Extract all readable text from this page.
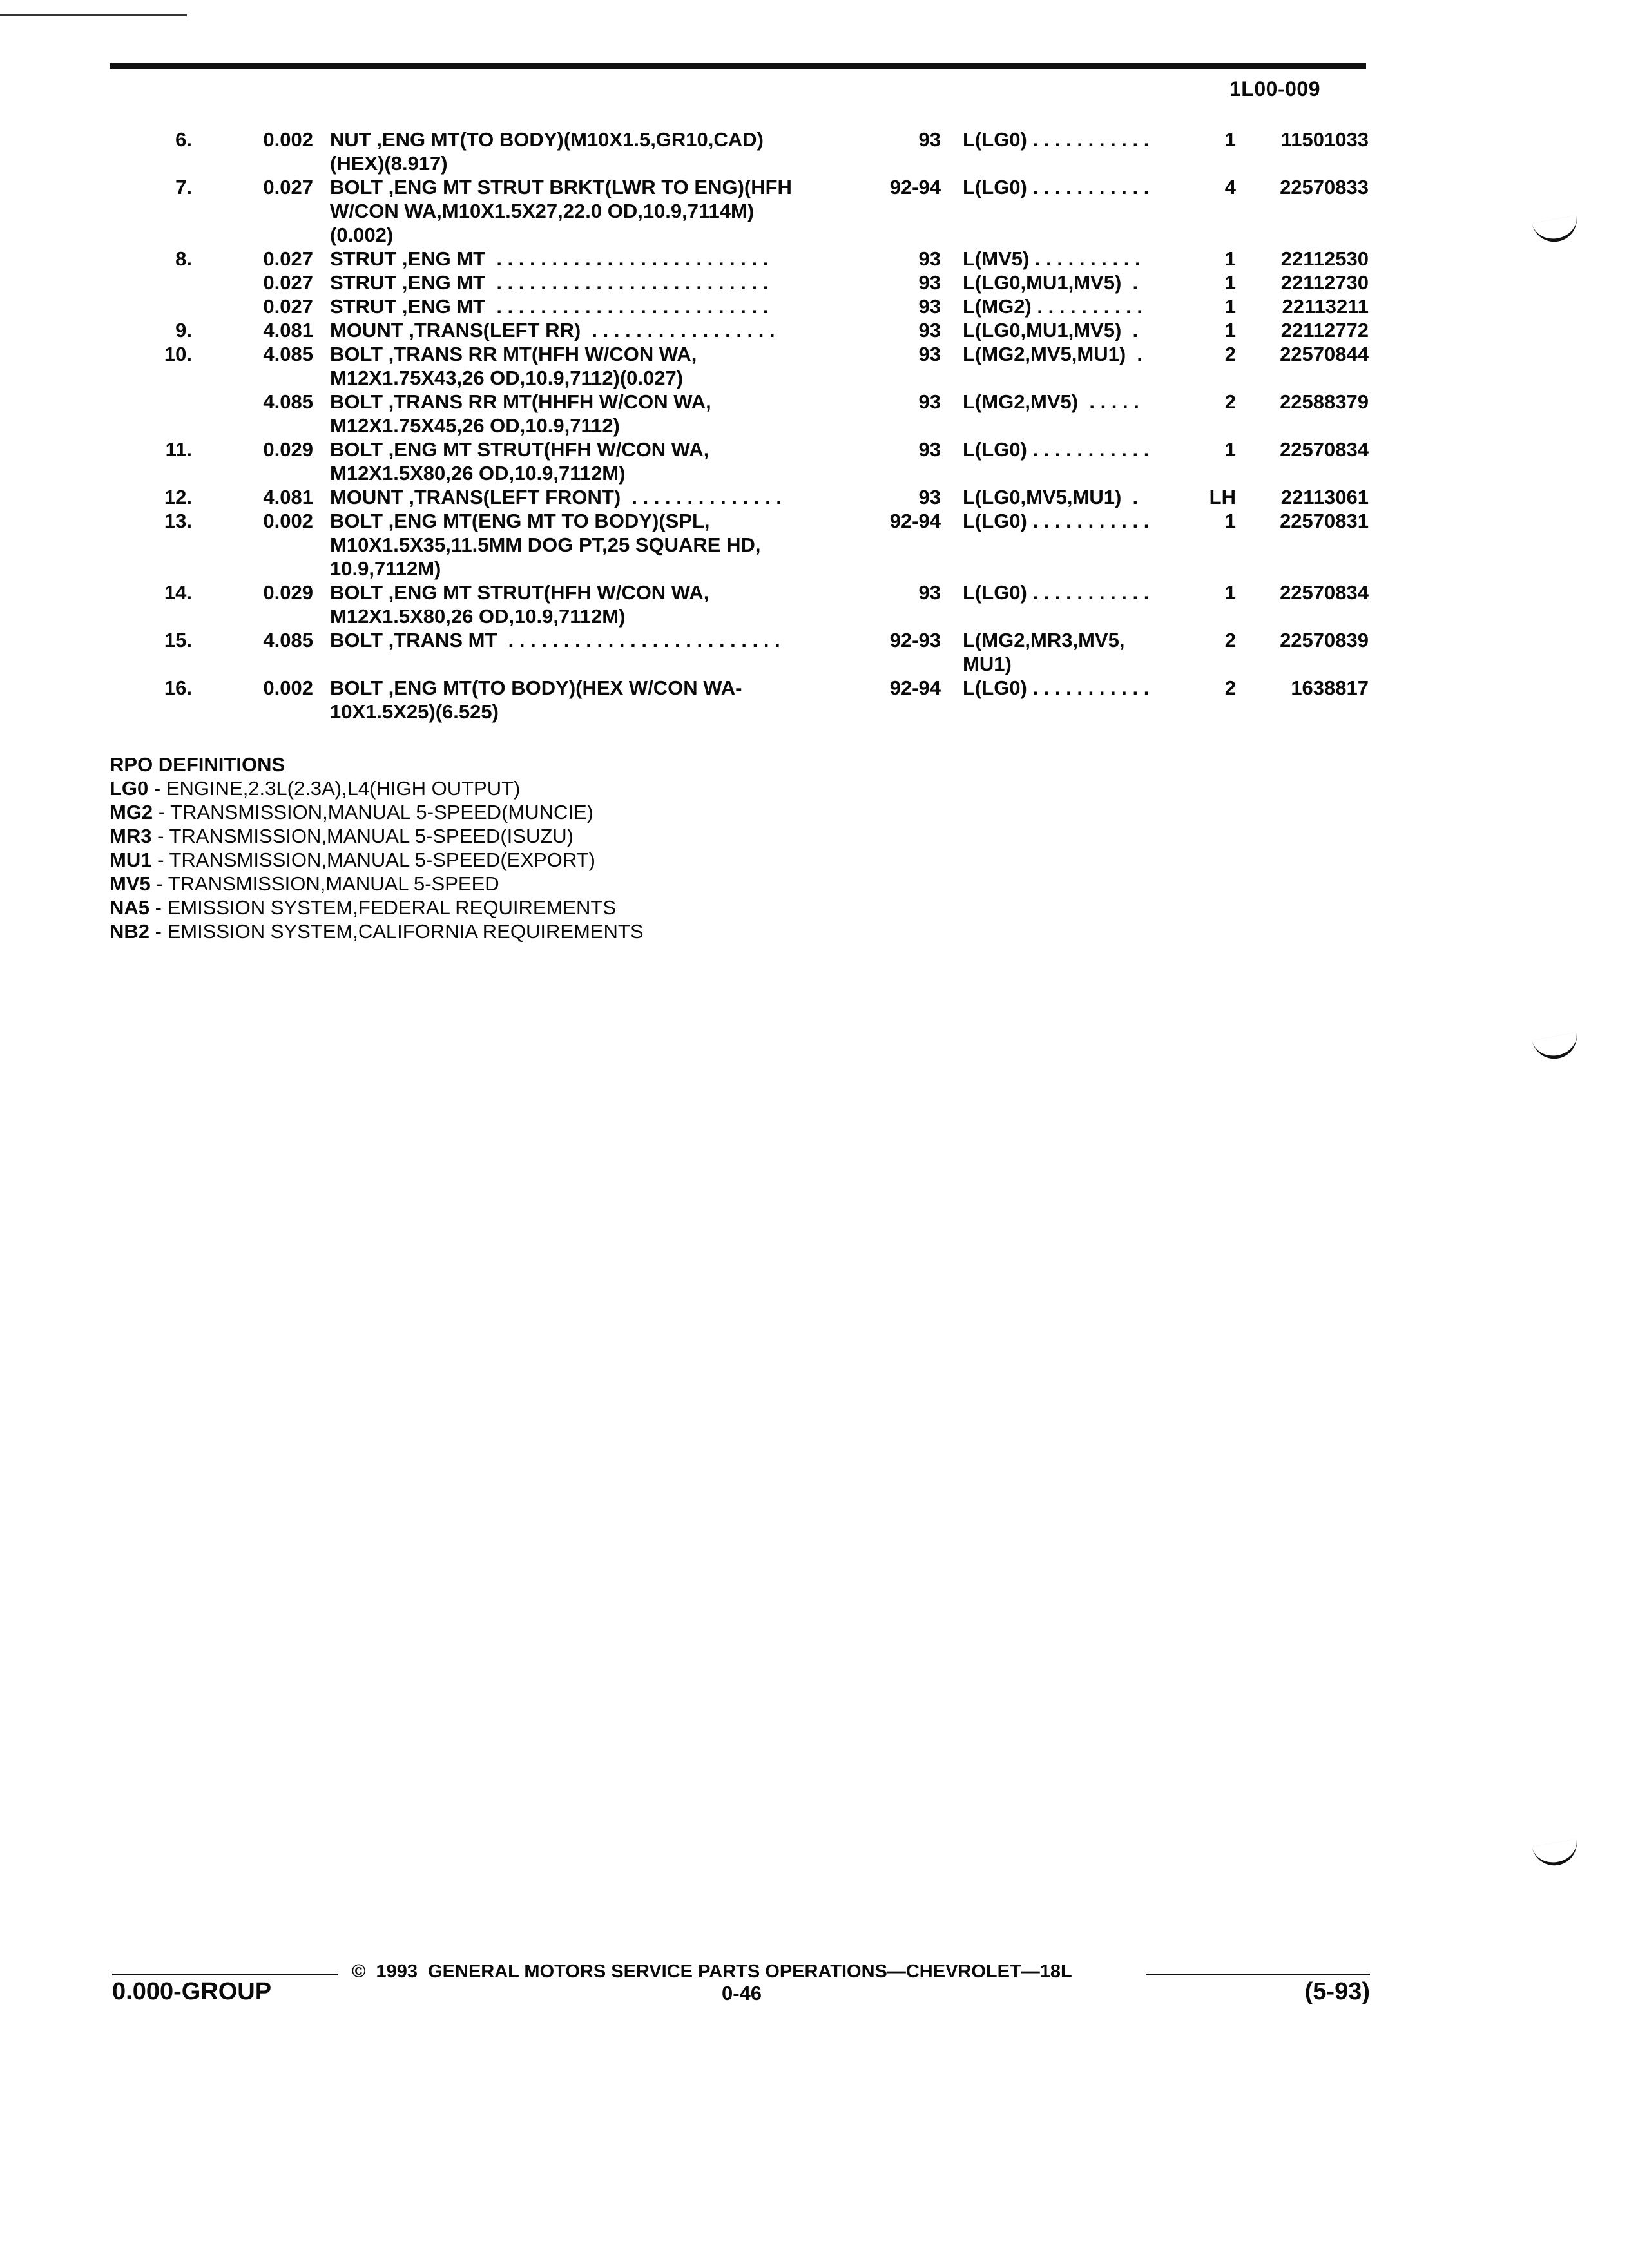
1L00-009
6.	0.002 NUT ,ENG MT(TO BODY)(M10X1.5,GR10,CAD)
(HEX)(8.917)
93 L(LG0) . . . . . . . . . . .	1	11501033
7.	0.027 BOLT ,ENG MT STRUT BRKT(LWR TO ENG)(HFH
W/CON WA,M10X1.5X27,22.0 OD,10.9,7114M)
(0.002)
92-94 L(LG0) . . . . . . . . . . .	4	22570833
8.	0.027 STRUT ,ENG MT  . . . . . . . . . . . . . . . . . . . . . . . . .	93 L(MV5) . . . . . . . . . .	1	22112530
0.027 STRUT ,ENG MT  . . . . . . . . . . . . . . . . . . . . . . . . .	93 L(LG0,MU1,MV5)  .	1	22112730
0.027 STRUT ,ENG MT  . . . . . . . . . . . . . . . . . . . . . . . . .	93 L(MG2) . . . . . . . . . .	1	22113211
9.	4.081 MOUNT ,TRANS(LEFT RR)  . . . . . . . . . . . . . . . . .	93 L(LG0,MU1,MV5)  .	1	22112772
10.	4.085 BOLT ,TRANS RR MT(HFH W/CON WA,
M12X1.75X43,26 OD,10.9,7112)(0.027)
93 L(MG2,MV5,MU1)  .	2	22570844
4.085 BOLT ,TRANS RR MT(HHFH W/CON WA,
M12X1.75X45,26 OD,10.9,7112)
93 L(MG2,MV5)  . . . . .	2	22588379
11.	0.029 BOLT ,ENG MT STRUT(HFH W/CON WA,
M12X1.5X80,26 OD,10.9,7112M)
93 L(LG0) . . . . . . . . . . .	1	22570834
12.	4.081 MOUNT ,TRANS(LEFT FRONT)  . . . . . . . . . . . . . .	93 L(LG0,MV5,MU1)  .	LH	22113061
13.	0.002 BOLT ,ENG MT(ENG MT TO BODY)(SPL,
M10X1.5X35,11.5MM DOG PT,25 SQUARE HD,
10.9,7112M)
92-94 L(LG0) . . . . . . . . . . .	1	22570831
14.	0.029 BOLT ,ENG MT STRUT(HFH W/CON WA,
M12X1.5X80,26 OD,10.9,7112M)
93 L(LG0) . . . . . . . . . . .	1	22570834
15.	4.085 BOLT ,TRANS MT  . . . . . . . . . . . . . . . . . . . . . . . . .	92-93 L(MG2,MR3,MV5,
MU1)
2	22570839
16.	0.002 BOLT ,ENG MT(TO BODY)(HEX W/CON WA-
10X1.5X25)(6.525)
92-94 L(LG0) . . . . . . . . . . .	2	1638817
RPO DEFINITIONS
LG0 - ENGINE,2.3L(2.3A),L4(HIGH OUTPUT)
MG2 - TRANSMISSION,MANUAL 5-SPEED(MUNCIE)
MR3 - TRANSMISSION,MANUAL 5-SPEED(ISUZU)
MU1 - TRANSMISSION,MANUAL 5-SPEED(EXPORT)
MV5 - TRANSMISSION,MANUAL 5-SPEED
NA5 - EMISSION SYSTEM,FEDERAL REQUIREMENTS
NB2 - EMISSION SYSTEM,CALIFORNIA REQUIREMENTS
©  1993  GENERAL MOTORS SERVICE PARTS OPERATIONS—CHEVROLET—18L
0.000-GROUP	0-46	(5-93)
